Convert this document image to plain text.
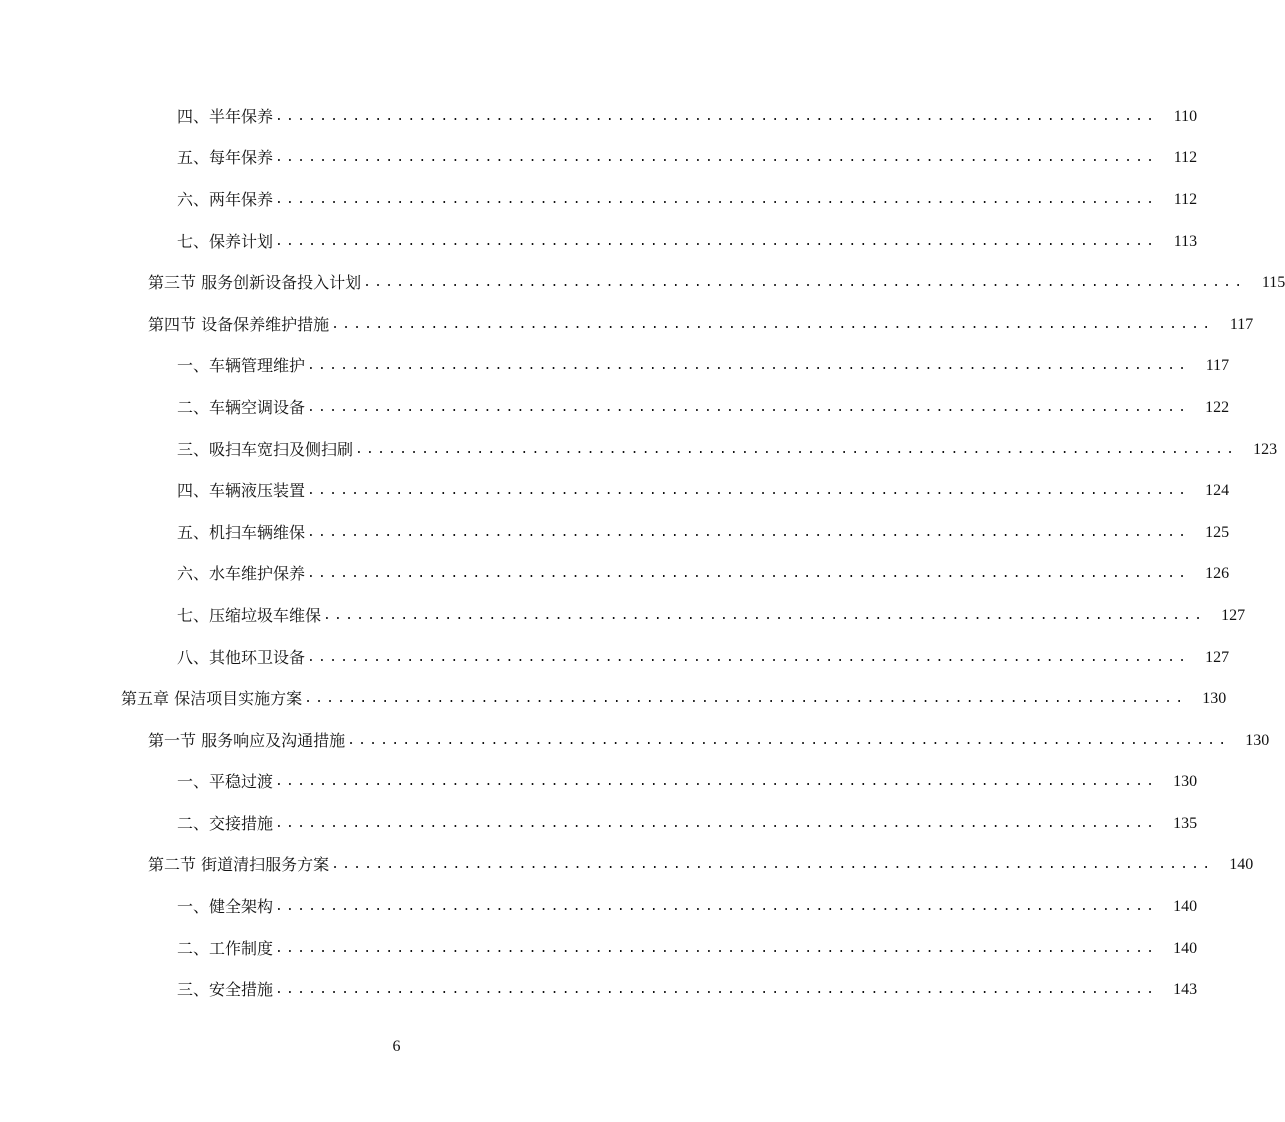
四、半年保养 ................................................................................	110
五、每年保养 ................................................................................	112
六、两年保养 ................................................................................	112
七、保养计划 ................................................................................	113
第三节 服务创新设备投入计划 ................................................................................	115
第四节 设备保养维护措施 ................................................................................	117
一、车辆管理维护 ................................................................................	117
二、车辆空调设备 ................................................................................	122
三、吸扫车宽扫及侧扫刷 ................................................................................	123
四、车辆液压装置 ................................................................................	124
五、机扫车辆维保 ................................................................................	125
六、水车维护保养 ................................................................................	126
七、压缩垃圾车维保 ................................................................................	127
八、其他环卫设备 ................................................................................	127
第五章 保洁项目实施方案 ................................................................................	130
第一节 服务响应及沟通措施 ................................................................................	130
一、平稳过渡 ................................................................................	130
二、交接措施 ................................................................................	135
第二节 街道清扫服务方案 ................................................................................	140
一、健全架构 ................................................................................	140
二、工作制度 ................................................................................	140
三、安全措施 ................................................................................	143
6
